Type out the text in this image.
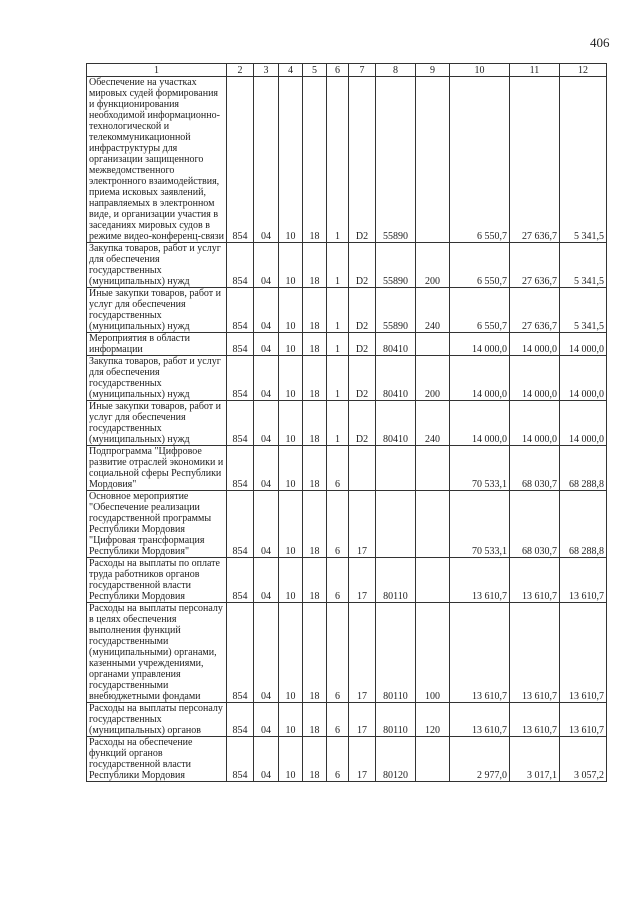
406
1	2	3	4	5	6	7	8	9	10	11	12
Обеспечение на участках мировых судей формирования и функционирования необходимой информационно-технологической и телекоммуникационной инфраструктуры для организации защищенного межведомственного электронного взаимодействия, приема исковых заявлений, направляемых в электронном виде, и организации участия в заседаниях мировых судов в режиме видео-конференц-связи	854	04	10	18	1	D2	55890		6 550,7	27 636,7	5 341,5
Закупка товаров, работ и услуг для обеспечения государственных (муниципальных) нужд	854	04	10	18	1	D2	55890	200	6 550,7	27 636,7	5 341,5
Иные закупки товаров, работ и услуг для обеспечения государственных (муниципальных) нужд	854	04	10	18	1	D2	55890	240	6 550,7	27 636,7	5 341,5
Мероприятия в области информации	854	04	10	18	1	D2	80410		14 000,0	14 000,0	14 000,0
Закупка товаров, работ и услуг для обеспечения государственных (муниципальных) нужд	854	04	10	18	1	D2	80410	200	14 000,0	14 000,0	14 000,0
Иные закупки товаров, работ и услуг для обеспечения государственных (муниципальных) нужд	854	04	10	18	1	D2	80410	240	14 000,0	14 000,0	14 000,0
Подпрограмма "Цифровое развитие отраслей экономики и социальной сферы Республики Мордовия"	854	04	10	18	6				70 533,1	68 030,7	68 288,8
Основное мероприятие "Обеспечение реализации государственной программы Республики Мордовия "Цифровая трансформация Республики Мордовия"	854	04	10	18	6	17			70 533,1	68 030,7	68 288,8
Расходы на выплаты по оплате труда работников органов государственной власти Республики Мордовия	854	04	10	18	6	17	80110		13 610,7	13 610,7	13 610,7
Расходы на выплаты персоналу в целях обеспечения выполнения функций государственными (муниципальными) органами, казенными учреждениями, органами управления государственными внебюджетными фондами	854	04	10	18	6	17	80110	100	13 610,7	13 610,7	13 610,7
Расходы на выплаты персоналу государственных (муниципальных) органов	854	04	10	18	6	17	80110	120	13 610,7	13 610,7	13 610,7
Расходы на обеспечение функций органов государственной власти Республики Мордовия	854	04	10	18	6	17	80120		2 977,0	3 017,1	3 057,2
